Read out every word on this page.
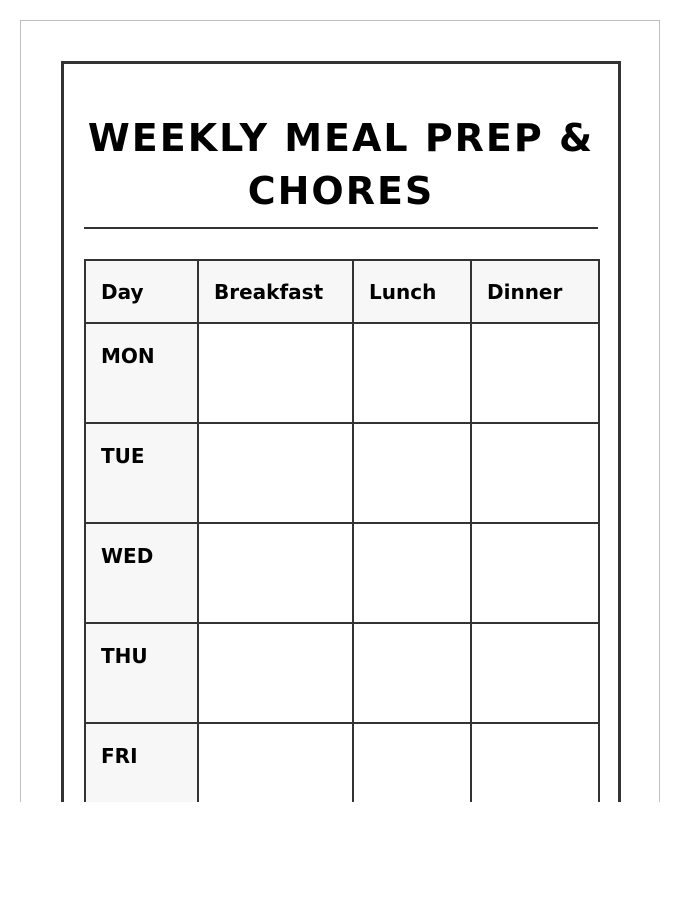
WEEKLY MEAL PREP & CHORES
Day	Breakfast	Lunch	Dinner
MON			
TUE			
WED			
THU			
FRI			
